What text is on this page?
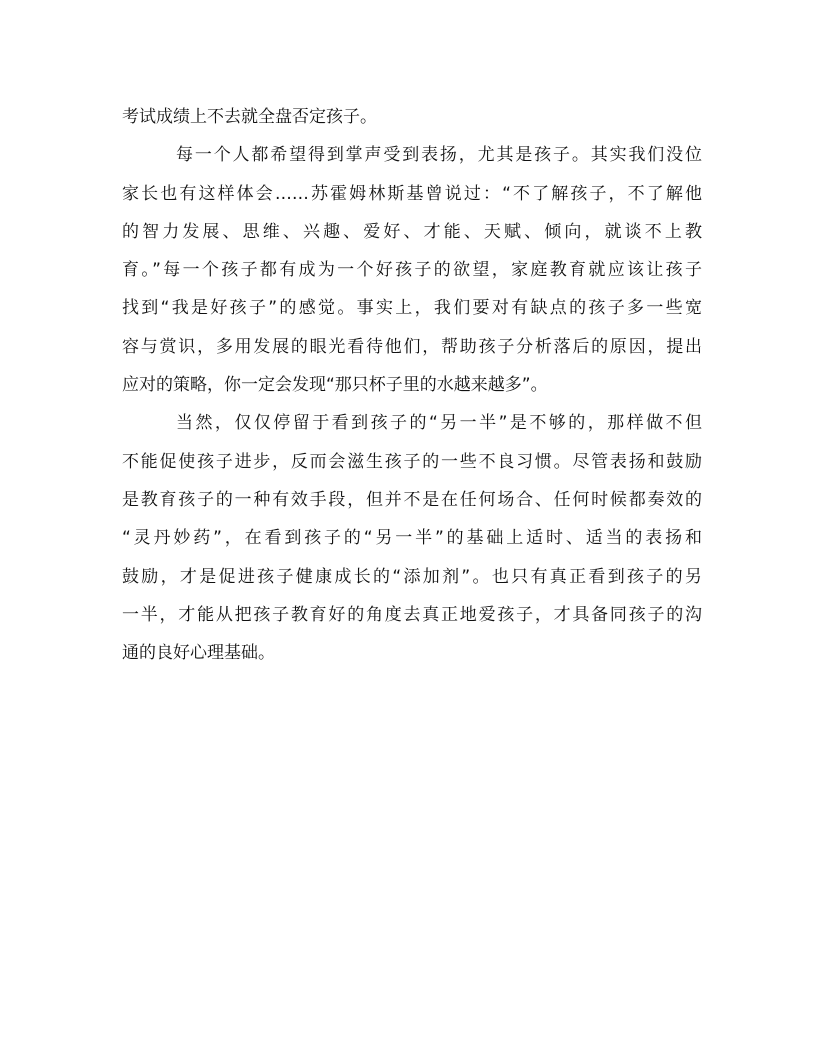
考试成绩上不去就全盘否定孩子。
每一个人都希望得到掌声受到表扬，尤其是孩子。其实我们没位
家长也有这样体会……苏霍姆林斯基曾说过：“不了解孩子，不了解他
的智力发展、思维、兴趣、爱好、才能、天赋、倾向，就谈不上教
育。”每一个孩子都有成为一个好孩子的欲望，家庭教育就应该让孩子
找到“我是好孩子”的感觉。事实上，我们要对有缺点的孩子多一些宽
容与赏识，多用发展的眼光看待他们，帮助孩子分析落后的原因，提出
应对的策略，你一定会发现“那只杯子里的水越来越多”。
当然，仅仅停留于看到孩子的“另一半”是不够的，那样做不但
不能促使孩子进步，反而会滋生孩子的一些不良习惯。尽管表扬和鼓励
是教育孩子的一种有效手段，但并不是在任何场合、任何时候都奏效的
“灵丹妙药”，在看到孩子的“另一半”的基础上适时、适当的表扬和
鼓励，才是促进孩子健康成长的“添加剂”。也只有真正看到孩子的另
一半，才能从把孩子教育好的角度去真正地爱孩子，才具备同孩子的沟
通的良好心理基础。
